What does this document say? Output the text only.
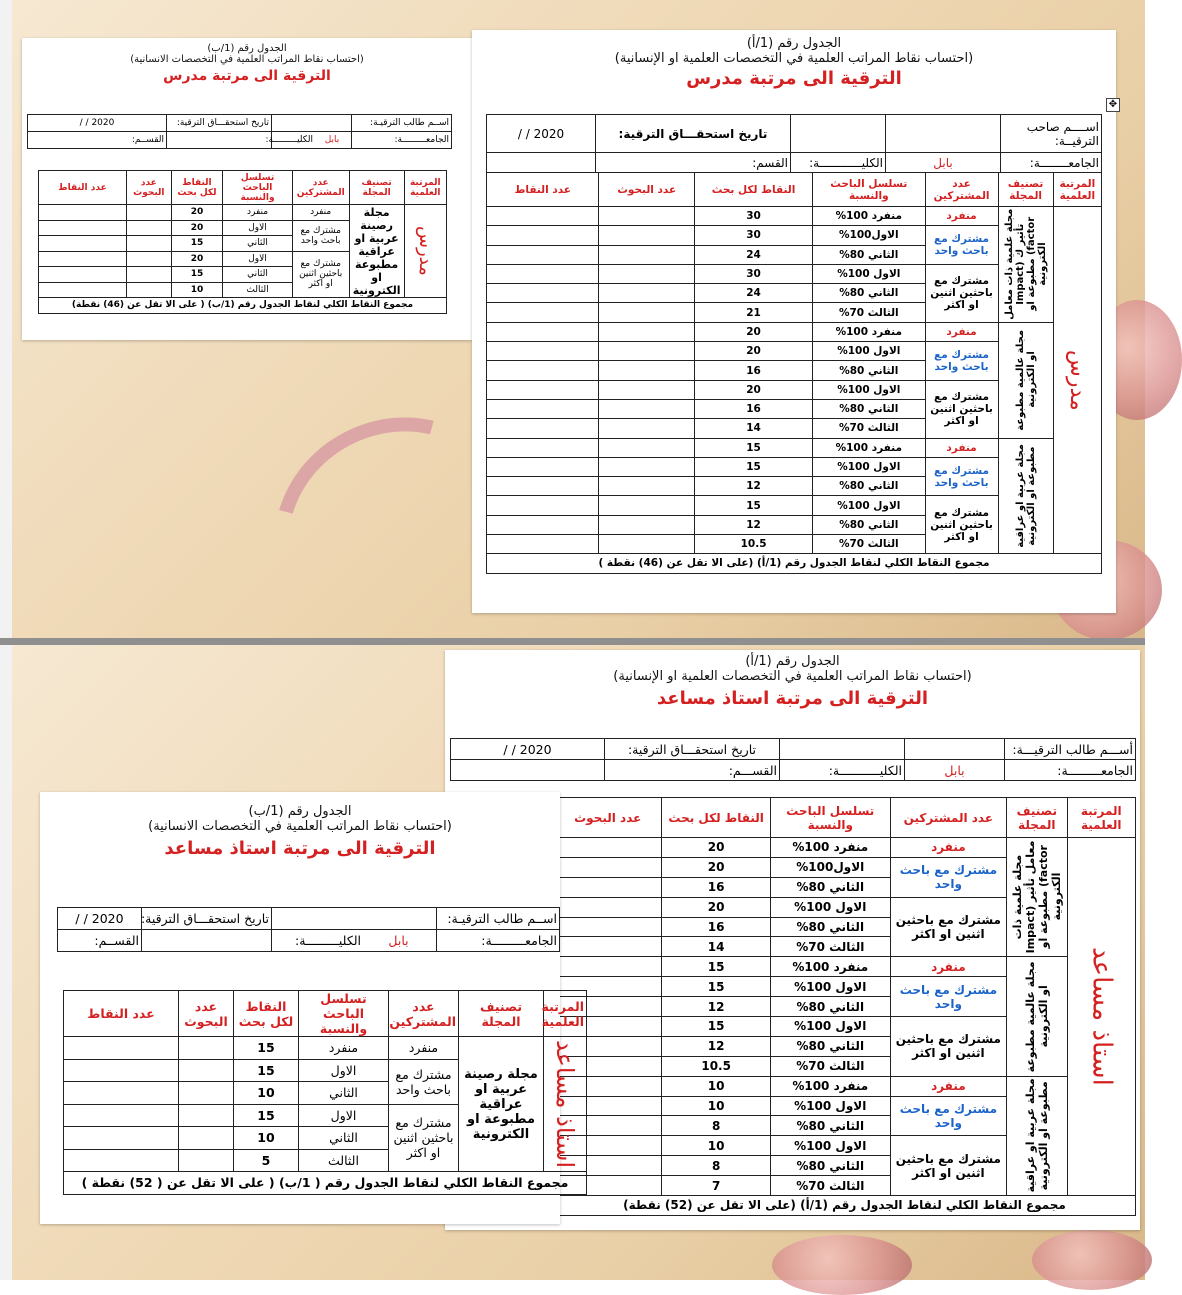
الجدول رقم (1/ب)
(احتساب نقاط المراتب العلمية في التخصصات الانسانية)
الترقية الى مرتبة مدرس
اســم طالب الترقيـة:		تاريخ استحقـــاق الترقية:	2020 / /
الجامعـــــــــة:	بابلالكليـــــــــة:		القســم:
المرتبة العلمية	تصنيف المجلة	عدد المشتركين	تسلسل الباحث والنسبة	النقاط لكل بحث	عدد البحوث	عدد النقاط

مدرس	مجلة رصينة عربية او عراقية مطبوعة او الكترونية	منفرد	منفرد	20		
		مشترك مع باحث واحد	الاول	20		
			الثاني	15		
		مشترك مع باحثين اثنين او اكثر	الاول	20		
			الثاني	15		
			الثالث	10		
مجموع النقاط الكلي لنقاط الجدول رقم (1/ب) ( على الا تقل عن (46) نقطة)						
الجدول رقم (1/أ)
(احتساب نقاط المراتب العلمية في التخصصات العلمية او الإنسانية)
الترقية الى مرتبة مدرس
✥
اســــم صاحب الترقيــة:			تاريخ استحقـــاق الترقية:	2020 / /
الجامعــــــــة:	بابل	الكليــــــــــــة:	القسم:	
المرتبة العلمية	تصنيف المجلة	عدد المشتركين	تسلسل الباحث والنسبة	النقاط لكل بحث	عدد البحوث	عدد النقاط

مدرس	مجلة علمية ذات معامل تأثير ك (Impact factor) مطبوعة او الكترونية	منفرد	منفرد 100%	30		
		مشترك مع باحث واحد	الاول100%	30		
			الثاني 80%	24		
		مشترك مع باحثين اثنين او اكثر	الاول 100%	30		
			الثاني 80%	24		
			الثالث 70%	21		

	مجلة عالمية مطبوعة او الكترونية	منفرد	منفرد 100%	20		
		مشترك مع باحث واحد	الاول 100%	20		
			الثاني 80%	16		
		مشترك مع باحثين اثنين او اكثر	الاول 100%	20		
			الثاني 80%	16		
			الثالث 70%	14		

	مجلة عربية او عراقية مطبوعة او الكترونية	منفرد	منفرد 100%	15		
		مشترك مع باحث واحد	الاول 100%	15		
			الثاني 80%	12		
		مشترك مع باحثين اثنين او اكثر	الاول 100%	15		
			الثاني 80%	12		
			الثالث 70%	10.5		
مجموع النقاط الكلي لنقاط الجدول رقم (1/أ) (على الا تقل عن (46) نقطة )						
الجدول رقم (1/أ)
(احتساب نقاط المراتب العلمية في التخصصات العلمية او الإنسانية)
الترقية الى مرتبة استاذ مساعد
أســـم طالب الترقيـــة:			تاريخ استحقـــاق الترقية:	2020 / /
الجامعـــــــــة:	بابل	الكليـــــــــــة:	القســـم:	
المرتبة العلمية	تصنيف المجلة	عدد المشتركين	تسلسل الباحث والنسبة	النقاط لكل بحث	عدد البحوث

استاذ مساعد	مجلة علمية ذات معامل تأثير (Impact factor) مطبوعة او الكترونية	منفرد	منفرد 100%	20	
		مشترك مع باحث واحد	الاول100%	20	
			الثاني 80%	16	
		مشترك مع باحثين اثنين او اكثر	الاول 100%	20	
			الثاني 80%	16	
			الثالث 70%	14	

	مجلة عالمية مطبوعة او الكترونية	منفرد	منفرد 100%	15	
		مشترك مع باحث واحد	الاول 100%	15	
			الثاني 80%	12	
		مشترك مع باحثين اثنين او اكثر	الاول 100%	15	
			الثاني 80%	12	
			الثالث 70%	10.5	

	مجلة عربية او عراقية مطبوعة او الكترونية	منفرد	منفرد 100%	10	
		مشترك مع باحث واحد	الاول 100%	10	
			الثاني 80%	8	
		مشترك مع باحثين اثنين او اكثر	الاول 100%	10	
			الثاني 80%	8	
			الثالث 70%	7	
مجموع النقاط الكلي لنقاط الجدول رقم (1/أ) (على الا تقل عن (52) نقطة)					
الجدول رقم (1/ب)
(احتساب نقاط المراتب العلمية في التخصصات الانسانية)
الترقية الى مرتبة استاذ مساعد
اســم طالب الترقيـة:		تاريخ استحقـــاق الترقية:	2020 / /
الجامعـــــــــة:	بابلالكليـــــــــة:		القســم:
المرتبة العلمية	تصنيف المجلة	عدد المشتركين	تسلسل الباحث والنسبة	النقاط لكل بحث	عدد البحوث	عدد النقاط

استاذ مساعد	مجلة رصينة عربية او عراقية مطبوعة او الكترونية	منفرد	منفرد	15		
		مشترك مع باحث واحد	الاول	15		
			الثاني	10		
		مشترك مع باحثين اثنين او اكثر	الاول	15		
			الثاني	10		
			الثالث	5		
مجموع النقاط الكلي لنقاط الجدول رقم ( 1/ب) ( على الا تقل عن ( 52) نقطة )						
